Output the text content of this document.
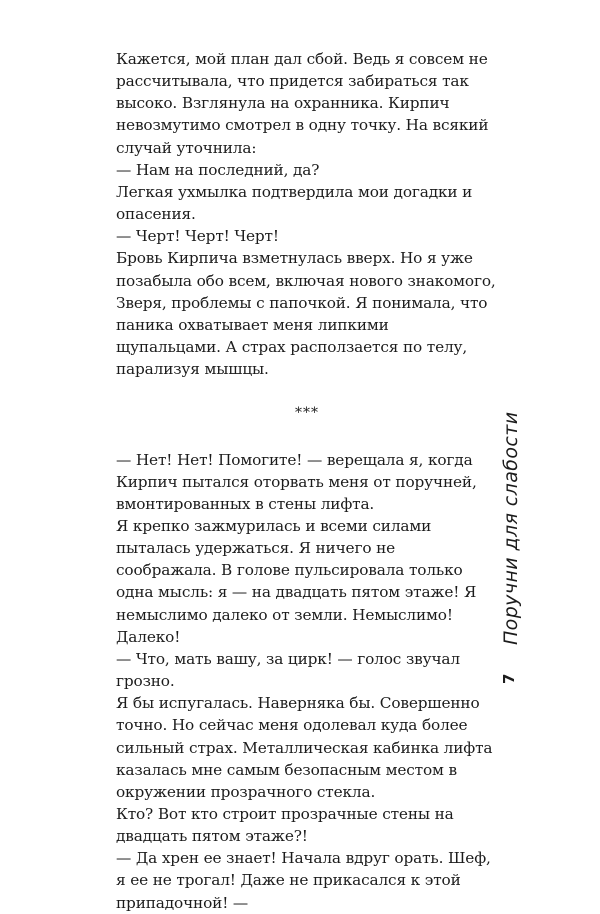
Кажется, мой план дал сбой. Ведь я совсем не рассчитывала, что придется забираться так высоко. Взглянула на охранника. Кирпич невозмутимо смотрел в одну точку. На всякий случай уточнила:

— Нам на последний, да?

Легкая ухмылка подтвердила мои догадки и опасения.

— Черт! Черт! Черт!

Бровь Кирпича взметнулась вверх. Но я уже позабыла обо всем, включая нового знакомого, Зверя, проблемы с папочкой. Я понимала, что паника охватывает меня липкими щупальцами. А страх расползается по телу, парализуя мышцы.

***

— Нет! Нет! Помогите! — верещала я, когда Кирпич пытался оторвать меня от поручней, вмонтированных в стены лифта.

Я крепко зажмурилась и всеми силами пыталась удержаться. Я ничего не соображала. В голове пульсировала только одна мысль: я — на двадцать пятом этаже! Я немыслимо далеко от земли. Немыслимо! Далеко!

— Что, мать вашу, за цирк! — голос звучал грозно.

Я бы испугалась. Наверняка бы. Совершенно точно. Но сейчас меня одолевал куда более сильный страх. Металлическая кабинка лифта казалась мне самым безопасным местом в окружении прозрачного стекла.

Кто? Вот кто строит прозрачные стены на двадцать пятом этаже?!

— Да хрен ее знает! Начала вдруг орать. Шеф, я ее не трогал! Даже не прикасался к этой припадочной! —

Поручни для слабости
7
